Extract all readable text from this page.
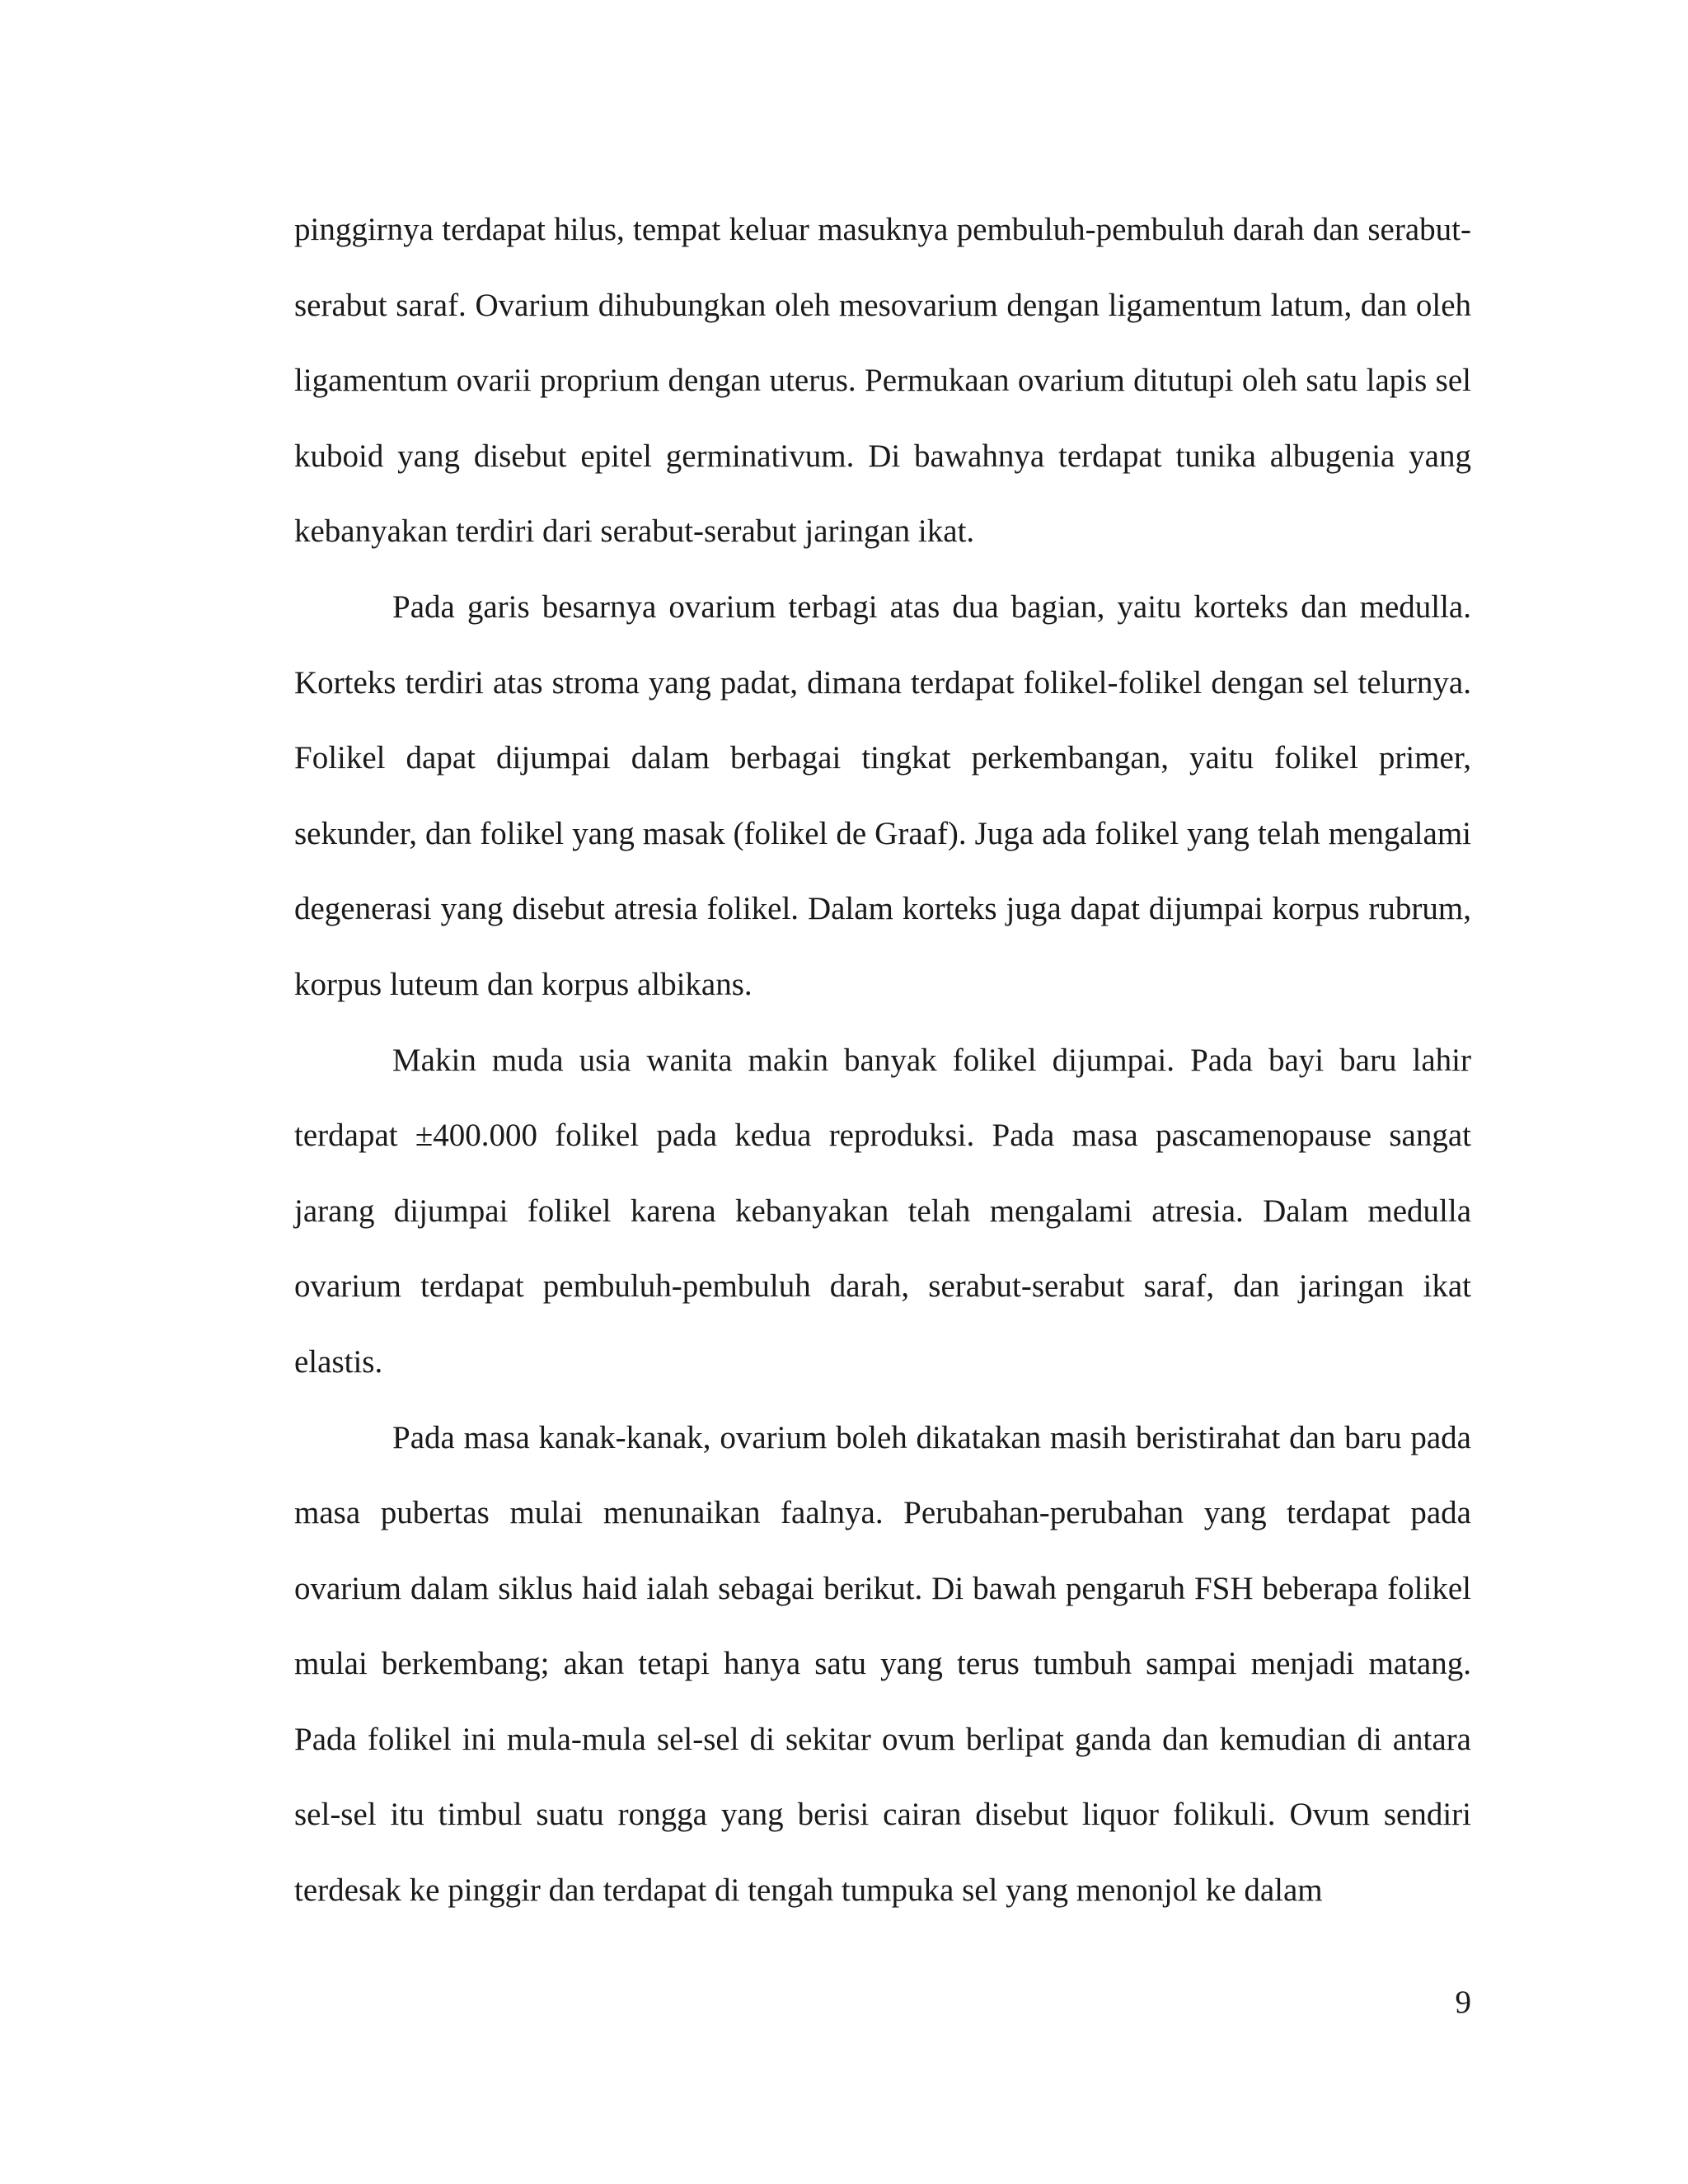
pinggirnya terdapat hilus, tempat keluar masuknya pembuluh-pembuluh darah dan serabut-serabut saraf. Ovarium dihubungkan oleh mesovarium dengan ligamentum latum, dan oleh ligamentum ovarii proprium dengan uterus. Permukaan ovarium ditutupi oleh satu lapis sel kuboid yang disebut epitel germinativum. Di bawahnya terdapat tunika albugenia yang kebanyakan terdiri dari serabut-serabut jaringan ikat.

Pada garis besarnya ovarium terbagi atas dua bagian, yaitu korteks dan medulla. Korteks terdiri atas stroma yang padat, dimana terdapat folikel-folikel dengan sel telurnya. Folikel dapat dijumpai dalam berbagai tingkat perkembangan, yaitu folikel primer, sekunder, dan folikel yang masak (folikel de Graaf). Juga ada folikel yang telah mengalami degenerasi yang disebut atresia folikel. Dalam korteks juga dapat dijumpai korpus rubrum, korpus luteum dan korpus albikans.

Makin muda usia wanita makin banyak folikel dijumpai. Pada bayi baru lahir terdapat ±400.000 folikel pada kedua reproduksi. Pada masa pascamenopause sangat jarang dijumpai folikel karena kebanyakan telah mengalami atresia. Dalam medulla ovarium terdapat pembuluh-pembuluh darah, serabut-serabut saraf, dan jaringan ikat elastis.

Pada masa kanak-kanak, ovarium boleh dikatakan masih beristirahat dan baru pada masa pubertas mulai menunaikan faalnya. Perubahan-perubahan yang terdapat pada ovarium dalam siklus haid ialah sebagai berikut. Di bawah pengaruh FSH beberapa folikel mulai berkembang; akan tetapi hanya satu yang terus tumbuh sampai menjadi matang. Pada folikel ini mula-mula sel-sel di sekitar ovum berlipat ganda dan kemudian di antara sel-sel itu timbul suatu rongga yang berisi cairan disebut liquor folikuli. Ovum sendiri terdesak ke pinggir dan terdapat di tengah tumpuka sel yang menonjol ke dalam

9
